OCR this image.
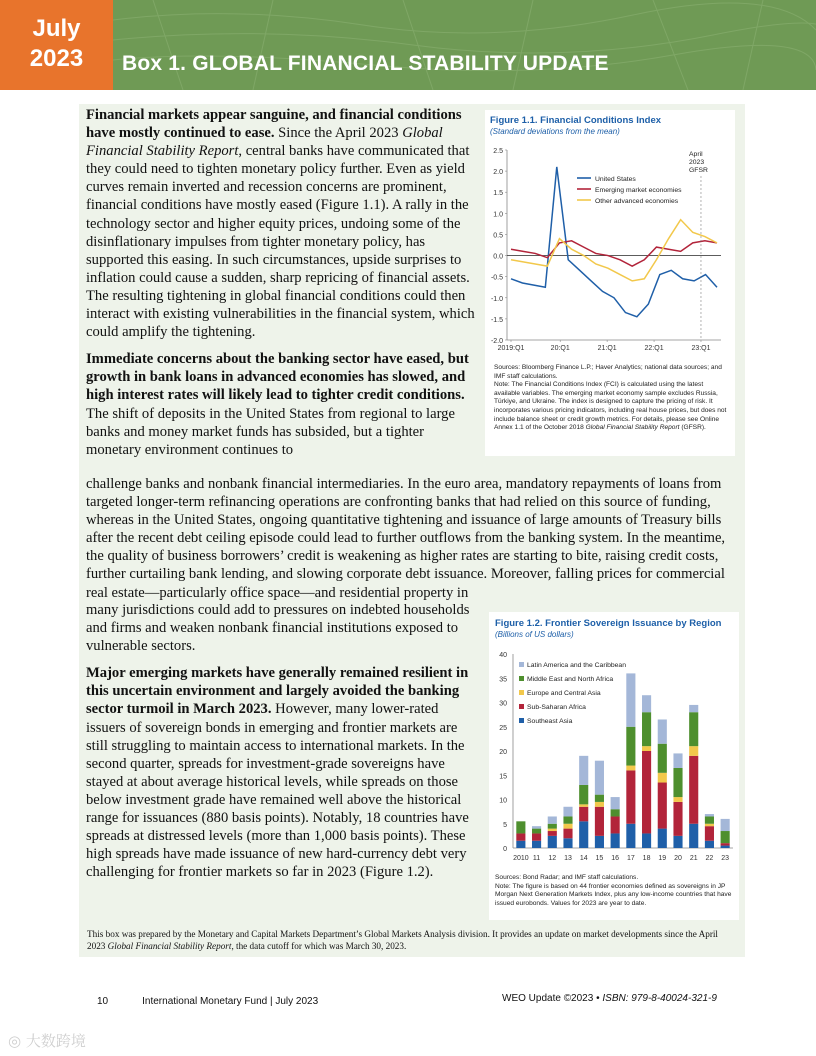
July
2023	Box 1. GLOBAL FINANCIAL STABILITY UPDATE

Financial markets appear sanguine, and financial conditions have mostly continued to ease. Since the April 2023 Global Financial Stability Report, central banks have communicated that they could need to tighten monetary policy further. Even as yield curves remain inverted and recession concerns are prominent, financial conditions have mostly eased (Figure 1.1). A rally in the technology sector and higher equity prices, undoing some of the disinflationary impulses from tighter monetary policy, has supported this easing. In such circumstances, upside surprises to inflation could cause a sudden, sharp repricing of financial assets. The resulting tightening in global financial conditions could then interact with existing vulnerabilities in the financial system, which could amplify the tightening.

Immediate concerns about the banking sector have eased, but growth in bank loans in advanced economies has slowed, and high interest rates will likely lead to tighter credit conditions. The shift of deposits in the United States from regional to large banks and money market funds has subsided, but a tighter monetary environment continues to

challenge banks and nonbank financial intermediaries. In the euro area, mandatory repayments of loans from targeted longer-term refinancing operations are confronting banks that had relied on this source of funding, whereas in the United States, ongoing quantitative tightening and issuance of large amounts of Treasury bills after the recent debt ceiling episode could lead to further outflows from the banking system. In the meantime, the quality of business borrowers’ credit is weakening as higher rates are starting to bite, raising credit costs, further curtailing bank lending, and slowing corporate debt issuance. Moreover, falling prices for commercial real estate—particularly office space—and residential property in

many jurisdictions could add to pressures on indebted households and firms and weaken nonbank financial institutions exposed to vulnerable sectors.

Major emerging markets have generally remained resilient in this uncertain environment and largely avoided the banking sector turmoil in March 2023. However, many lower-rated issuers of sovereign bonds in emerging and frontier markets are still struggling to maintain access to international markets. In the second quarter, spreads for investment-grade sovereigns have stayed at about average historical levels, while spreads on those below investment grade have remained well above the historical range for issuances (880 basis points). Notably, 18 countries have spreads at distressed levels (more than 1,000 basis points). These high spreads have made issuance of new hard-currency debt very challenging for frontier markets so far in 2023 (Figure 1.2).

This box was prepared by the Monetary and Capital Markets Department’s Global Markets Analysis division. It provides an update on market developments since the April 2023 Global Financial Stability Report, the data cutoff for which was March 30, 2023.
Figure 1.1. Financial Conditions Index
(Standard deviations from the mean)
2.5
2.0
1.5
1.0
0.5
0.0
-0.5
-1.0
-1.5
-2.0
2019:Q1	20:Q1	21:Q1	22:Q1	23:Q1
United States
Emerging market economies
Other advanced economies
April
2023
GFSR
Sources: Bloomberg Finance L.P.; Haver Analytics; national data sources; and IMF staff calculations.
Note: The Financial Conditions Index (FCI) is calculated using the latest available variables. The emerging market economy sample excludes Russia, Türkiye, and Ukraine. The index is designed to capture the pricing of risk. It incorporates various pricing indicators, including real house prices, but does not include balance sheet or credit growth metrics. For details, please see Online Annex 1.1 of the October 2018 Global Financial Stability Report (GFSR).
Figure 1.2. Frontier Sovereign Issuance by Region
(Billions of US dollars)
0
5
10
15
20
25
30
35
40
2010 11 12 13 14 15 16 17 18 19 20 21 22 23
Latin America and the Caribbean
Middle East and North Africa
Europe and Central Asia
Sub-Saharan Africa
Southeast Asia
Sources: Bond Radar; and IMF staff calculations.
Note: The figure is based on 44 frontier economies defined as sovereigns in JP Morgan Next Generation Markets Index, plus any low-income countries that have issued eurobonds. Values for 2023 are year to date.
10	International Monetary Fund | July 2023	WEO Update ©2023 • ISBN: 979-8-40024-321-9
◎ 大数跨境
